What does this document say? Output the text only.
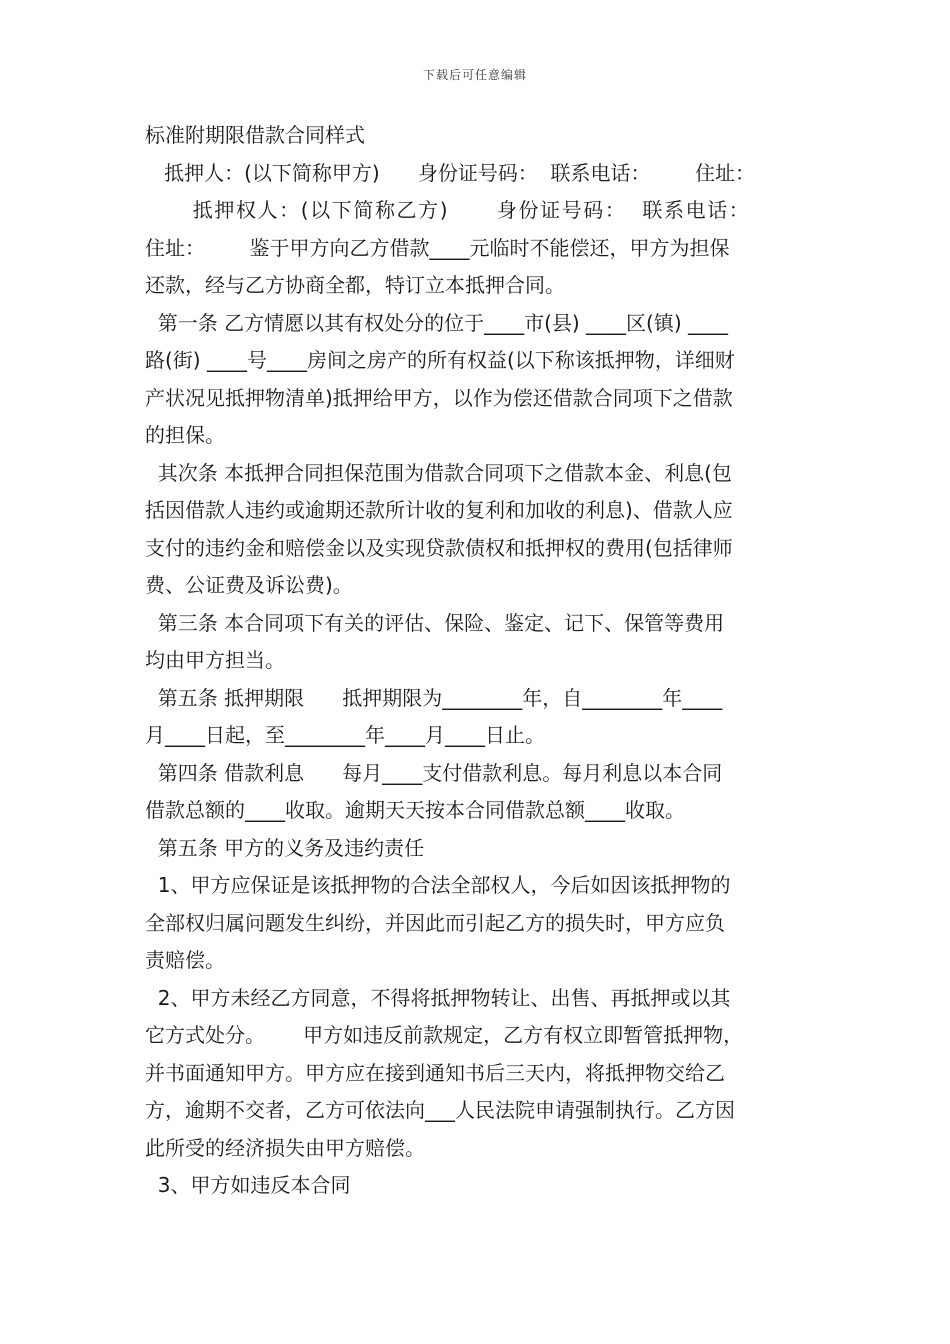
下载后可任意编辑
标准附期限借款合同样式
抵押人：(以下简称甲方)      身份证号码：  联系电话：       住址：
抵押权人：(以下简称乙方)      身份证号码：  联系电话：
住址：       鉴于甲方向乙方借款____元临时不能偿还，甲方为担保
还款，经与乙方协商全都，特订立本抵押合同。
第一条 乙方情愿以其有权处分的位于____市(县) ____区(镇) ____
路(街) ____号____房间之房产的所有权益(以下称该抵押物，详细财
产状况见抵押物清单)抵押给甲方，以作为偿还借款合同项下之借款
的担保。
其次条 本抵押合同担保范围为借款合同项下之借款本金、利息(包
括因借款人违约或逾期还款所计收的复利和加收的利息)、借款人应
支付的违约金和赔偿金以及实现贷款债权和抵押权的费用(包括律师
费、公证费及诉讼费)。
第三条 本合同项下有关的评估、保险、鉴定、记下、保管等费用
均由甲方担当。
第五条 抵押期限      抵押期限为________年，自________年____
月____日起，至________年____月____日止。
第四条 借款利息      每月____支付借款利息。每月利息以本合同
借款总额的____收取。逾期天天按本合同借款总额____收取。
第五条 甲方的义务及违约责任
1、甲方应保证是该抵押物的合法全部权人，今后如因该抵押物的
全部权归属问题发生纠纷，并因此而引起乙方的损失时，甲方应负
责赔偿。
2、甲方未经乙方同意，不得将抵押物转让、出售、再抵押或以其
它方式处分。      甲方如违反前款规定，乙方有权立即暂管抵押物，
并书面通知甲方。甲方应在接到通知书后三天内，将抵押物交给乙
方，逾期不交者，乙方可依法向___人民法院申请强制执行。乙方因
此所受的经济损失由甲方赔偿。
3、甲方如违反本合同
